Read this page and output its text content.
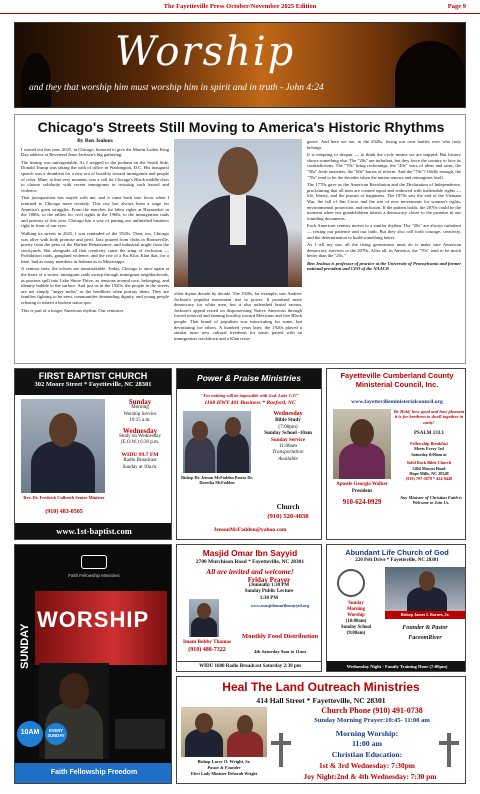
The Fayetteville Press October/November 2025 Edition	Page 9
Worship
and they that worship him must worship him in spirit and in truth - John 4:24
Chicago's Streets Still Moving to America's Historic Rhythms

By Ben Jealous

I started out this year, 2025, in Chicago, honored to give the Martin Luther King Day address at Reverend Jesse Jackson's big gathering.

The timing was unforgettable. As I stepped to the podium on the South Side, Donald Trump was taking the oath of office in Washington, D.C. His inaugural speech was a drumbeat for a new era of hostility toward immigrants and people of color. Mine, at that very moment, was a call for Chicago's Black middle class to choose solidarity with recent immigrants in resisting such hatred and violence.

That juxtaposition has stayed with me, and it came back into focus when I returned to Chicago more recently. This city has always been a stage for America's great struggles. From the marches for labor rights at Haymarket in the 1880s, to the rallies for civil rights in the 1960s, to the immigration raids and protests of this year, Chicago has a way of putting our unfinished business right in front of our eyes.

Walking its streets in 2025, I was reminded of the 1920s. Then, too, Chicago was alive with both promise and peril. Jazz poured from clubs in Bronzeville, poetry from the pens of the Harlem Renaissance, and industrial might from the stockyards. But alongside all that creativity came the sting of exclusion — Prohibition raids, gangland violence, and the rise of a Ku Klux Klan that, for a time, had as many members in Indiana as in Mississippi.

A century later, the echoes are unmistakable. Today, Chicago is once again at the heart of a storm: immigrant raids sweep through immigrant neighborhoods, as protests spill into Lake Shore Drive, as tensions around race, belonging, and identity bubble to the surface. And just as in the 1920s, the people in the streets are not simply "angry mobs" as the headlines often portray them. They are families fighting to be seen, communities demanding dignity, and young people refusing to inherit a broken status quo.

This is part of a longer American rhythm. Our centuries

often rhyme decade by decade. The 1920s, for example, saw Andrew Jackson's populist movement rise to power. It promised more democracy for white men, but it also unleashed brutal racism. Jackson's appeal rested on dispossessing Native American through forced removal and fanning hostility toward Mexicans and free Black people. That brand of populism was intoxicating for some, but devastating for others. A hundred years later, the 1920s played a similar tune: new cultural freedoms for some, paired with an immigration crackdown and a Klan resur-

gence. And here we are, in the 2020s, facing our own battles over who truly belongs.

It is tempting to despair — to think the cycle means we are trapped. But history shows something else. The "20s" are turbulent, but they force the country to face its contradictions. The "70s" bring reckonings, the "40s" wars of ideas and arms, the "50s" fresh anxieties, the "60s" bursts of reform. And the "70s"? Oddly enough, the "70s" tend to be the decades when the nation renews and reimagines itself.

The 1770s gave us the American Revolution and the Declaration of Independence, proclaiming that all men are created equal and endowed with inalienable rights — life, liberty, and the pursuit of happiness. The 1870s saw the end of the Vietnam War, the fall of Jim Crow, and the rise of new movements for women's rights, environmental protection, and inclusion. If the pattern holds, the 2070s could be the moment when our grandchildren inherit a democracy closer to the promise in our founding documents.

Each American century moves to a similar rhythm. The "20s" are always turbulent — testing our patience and our faith. But they also call forth courage, creativity, and the determination to build something better.

As I tell my son, all the rising generations must do is make sure American democracy survives to the 2070s. After all, in America, the "70s" tend to be much better than the "20s."

Ben Jealous is professor of practice at the University of Pennsylvania and former national president and CEO of the NAACP.

FIRST BAPTIST CHURCH
302 Moore Street * Fayetteville, NC 28301
Rev. Dr. Fredrick Culbreth Senior Minister
(910) 483-0505
Sunday
Morning
Worship Service
10:15 a.m.
Wednesday
Study on Wednesday
(E.O.W.) 6:30 p.m.
WIDU 99.7 FM
Radio Broadcast
Sunday at 10a.m.
www.1st-baptist.com
Power & Praise Ministries
"For nothing will be impossible with God. Luke 1:37"
1168 HWY 401 Business * Raeford, NC
Bishop Dr. Jenson McFadden Pastor Dr. Dorotha McFadden
Wednesday
Bible Study
(7:00pm)
Sunday School -10am
Sunday Service
11:00am
Transportation
Available
Church
(910) 520-4838
JensonMcFadden@yahoo.com
Fayetteville Cumberland County Ministerial Council, Inc.
www.fayettevilleministerialcouncil.org
Be Hold, how good and how pleasant it is for brethren to dwell together in unity!
PSALM 133.1
Fellowship Breakfast
Meets Every 3rd
Saturday 8:00am at
Solid Rock Bible Church
5464 Mascot Road
Hope Mills, NC 28348
(910) 797-5879 * 424-9448
Apostle Georgia Walker
President
910-624-0929
Any Minister of Christian Faith is Welcome to Join Us.
Faith Fellowship Ministries
SUNDAY
WORSHIP
10AM	EVERY SUNDAY
Faith Fellowship Freedom
Masjid Omar Ibn Sayyid
2700 Murchison Road * Fayetteville, NC 28301
All are invited and welcome!
Friday Prayer
(Jumuah) 1:30 PM
Sunday Public Lecture
1:30 PM
www.masjidomaribnsayyid.org
Imam Bobby Thomas
(910) 488-7322
Monthly Food Distribution
4th Saturday 9am to 11am
WIDU 1600 Radio Broadcast Saturday 2:30 pm
Abundant Life Church of God
220 Pelt Drive * Fayetteville, NC 28301
Bishop James I. Barnes, Jr.
Sunday
Morning
Worship
(10:00am)
Sunday School
(9:00am)
Founder & Pastor
FaceomRiver
Wednesday Night - Family Training Hour (7:00pm)
Heal The Land Outreach Ministries
414 Hall Street * Fayetteville, NC 28301
Church Phone (910) 491-0738
Sunday Morning Prayer:10:45- 11:00 am
Bishop Larry O. Wright, Sr.
Pastor & Founder
Elect Lady Minister Deborah Wright
Morning Worship:
11:00 am
Christian Education:
1st & 3rd Wednesday: 7:30pm
Joy Night:2nd & 4th Wednesday: 7:30 pm
